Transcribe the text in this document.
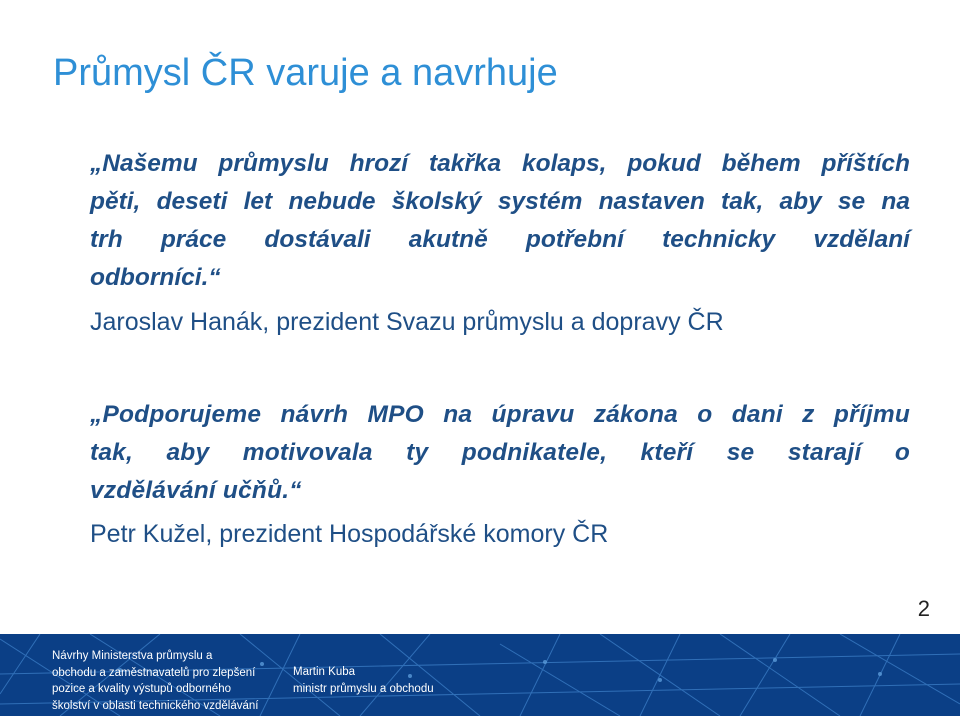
Průmysl ČR varuje a navrhuje
„Našemu průmyslu hrozí takřka kolaps, pokud během příštích
pěti, deseti let nebude školský systém nastaven tak, aby se na
trh práce dostávali akutně potřební technicky vzdělaní
odborníci.“
Jaroslav Hanák, prezident Svazu průmyslu a dopravy ČR
„Podporujeme návrh MPO na úpravu zákona o dani z příjmu
tak, aby motivovala ty podnikatele, kteří se starají o
vzdělávání učňů.“
Petr Kužel, prezident Hospodářské komory ČR
2
Návrhy Ministerstva průmyslu a
obchodu a zaměstnavatelů pro zlepšení
pozice a kvality výstupů odborného
školství v oblasti technického vzdělávání
Martin Kuba
ministr průmyslu a obchodu
